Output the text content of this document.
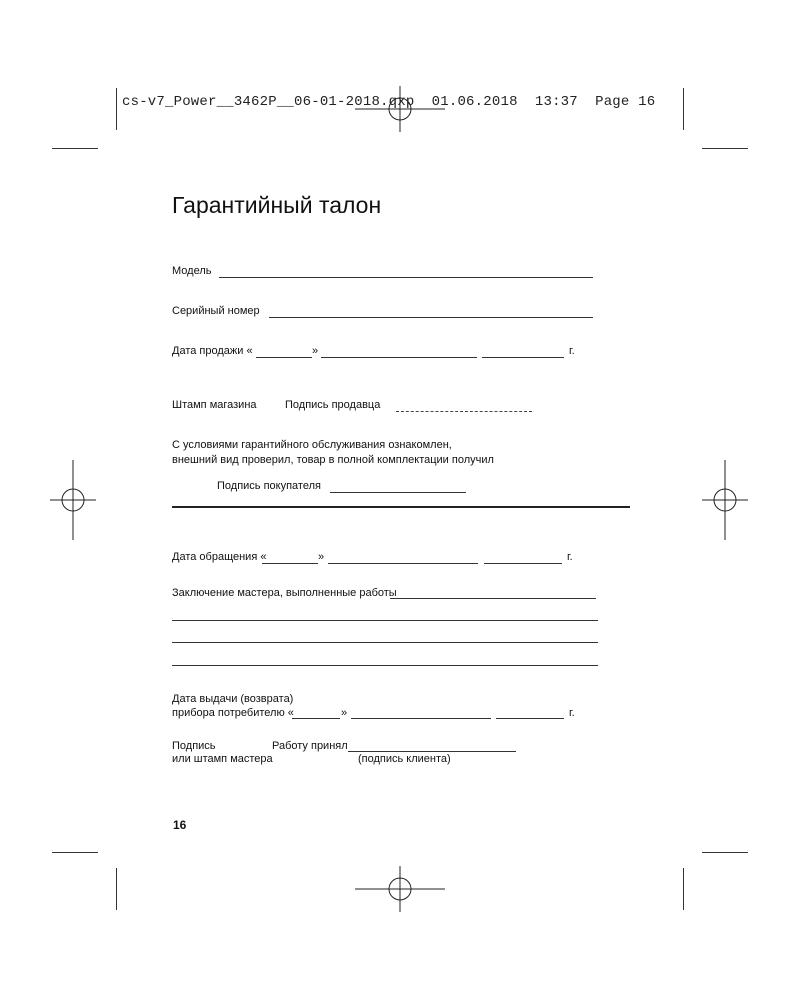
cs-v7_Power__3462P__06-01-2018.qxp 01.06.2018 13:37 Page 16
Гарантийный талон
Модель
Серийный номер
Дата продажи «	»	г.
Штамп магазина	Подпись продавца
С условиями гарантийного обслуживания ознакомлен,
внешний вид проверил, товар в полной комплектации получил
Подпись покупателя
Дата обращения «	»	г.
Заключение мастера, выполненные работы
Дата выдачи (возврата)
прибора потребителю «	»	г.
Подпись
или штамп мастера
Работу принял
(подпись клиента)
16
